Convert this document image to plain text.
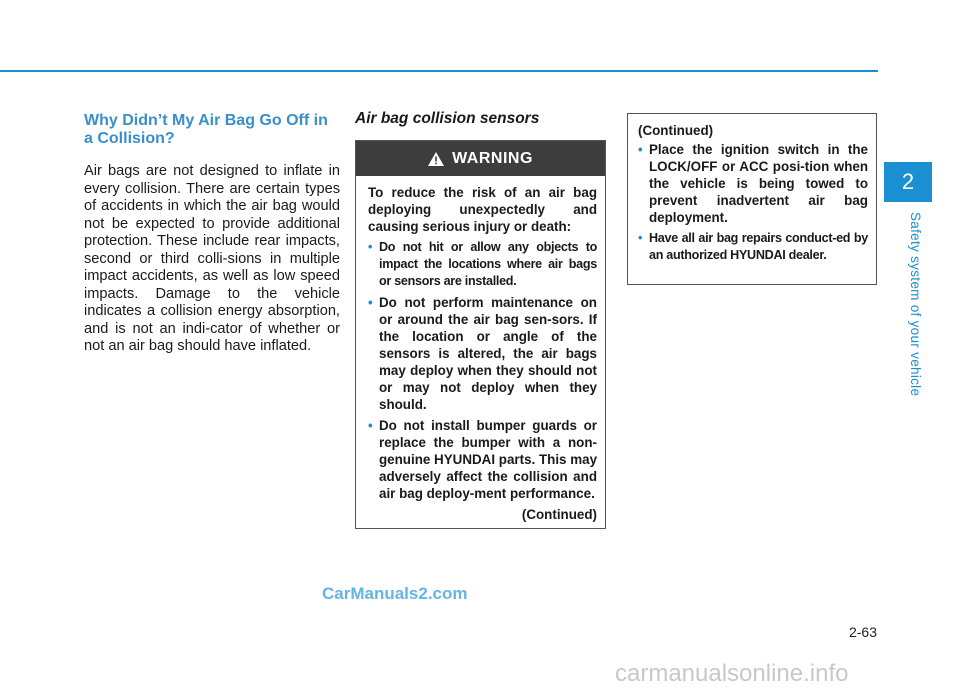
Why Didn’t My Air Bag Go Off in a Collision?

Air bags are not designed to inflate in every collision. There are certain types of accidents in which the air bag would not be expected to provide additional protection. These include rear impacts, second or third colli-sions in multiple impact accidents, as well as low speed impacts. Damage to the vehicle indicates a collision energy absorption, and is not an indi-cator of whether or not an air bag should have inflated.

Air bag collision sensors
WARNING
To reduce the risk of an air bag deploying unexpectedly and causing serious injury or death:
• Do not hit or allow any objects to impact the locations where air bags or sensors are installed.
• Do not perform maintenance on or around the air bag sen-sors. If the location or angle of the sensors is altered, the air bags may deploy when they should not or may not deploy when they should.
• Do not install bumper guards or replace the bumper with a non-genuine HYUNDAI parts. This may adversely affect the collision and air bag deploy-ment performance.
(Continued)
(Continued)
• Place the ignition switch in the LOCK/OFF or ACC posi-tion when the vehicle is being towed to prevent inadvertent air bag deployment.
• Have all air bag repairs conduct-ed by an authorized HYUNDAI dealer.
2
Safety system of your vehicle
2-63
CarManuals2.com
carmanualsonline.info
